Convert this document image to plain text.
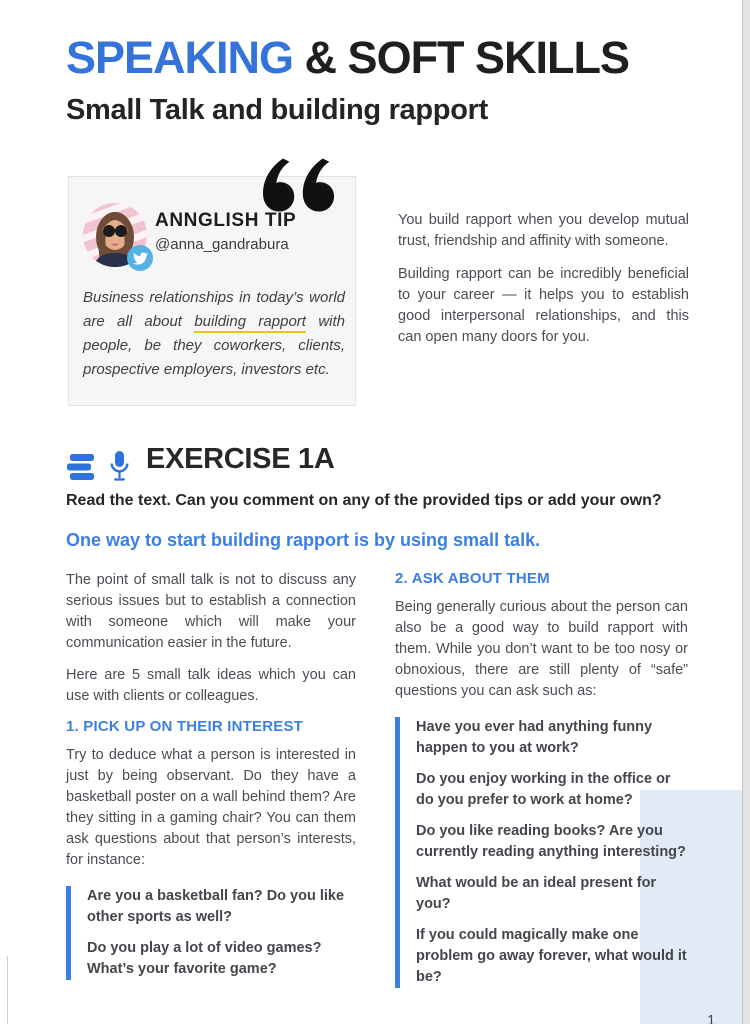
SPEAKING & SOFT SKILLS
Small Talk and building rapport
ANNGLISH TIP
@anna_gandrabura

Business relationships in today’s world are all about building rapport with people, be they coworkers, clients, prospective employers, investors etc.

You build rapport when you develop mutual trust, friendship and affinity with someone.

Building rapport can be incredibly beneficial to your career — it helps you to establish good interpersonal relationships, and this can open many doors for you.

EXERCISE 1A
Read the text. Can you comment on any of the provided tips or add your own?
One way to start building rapport is by using small talk.

The point of small talk is not to discuss any serious issues but to establish a connection with someone which will make your communication easier in the future.

Here are 5 small talk ideas which you can use with clients or colleagues.

1. PICK UP ON THEIR INTEREST

Try to deduce what a person is interested in just by being observant. Do they have a basketball poster on a wall behind them? Are they sitting in a gaming chair? You can them ask questions about that person’s interests, for instance:

Are you a basketball fan? Do you like other sports as well?

Do you play a lot of video games? What’s your favorite game?

2. ASK ABOUT THEM

Being generally curious about the person can also be a good way to build rapport with them. While you don’t want to be too nosy or obnoxious, there are still plenty of “safe” questions you can ask such as:

Have you ever had anything funny happen to you at work?

Do you enjoy working in the office or do you prefer to work at home?

Do you like reading books? Are you currently reading anything interesting?

What would be an ideal present for you?

If you could magically make one problem go away forever, what would it be?

1
